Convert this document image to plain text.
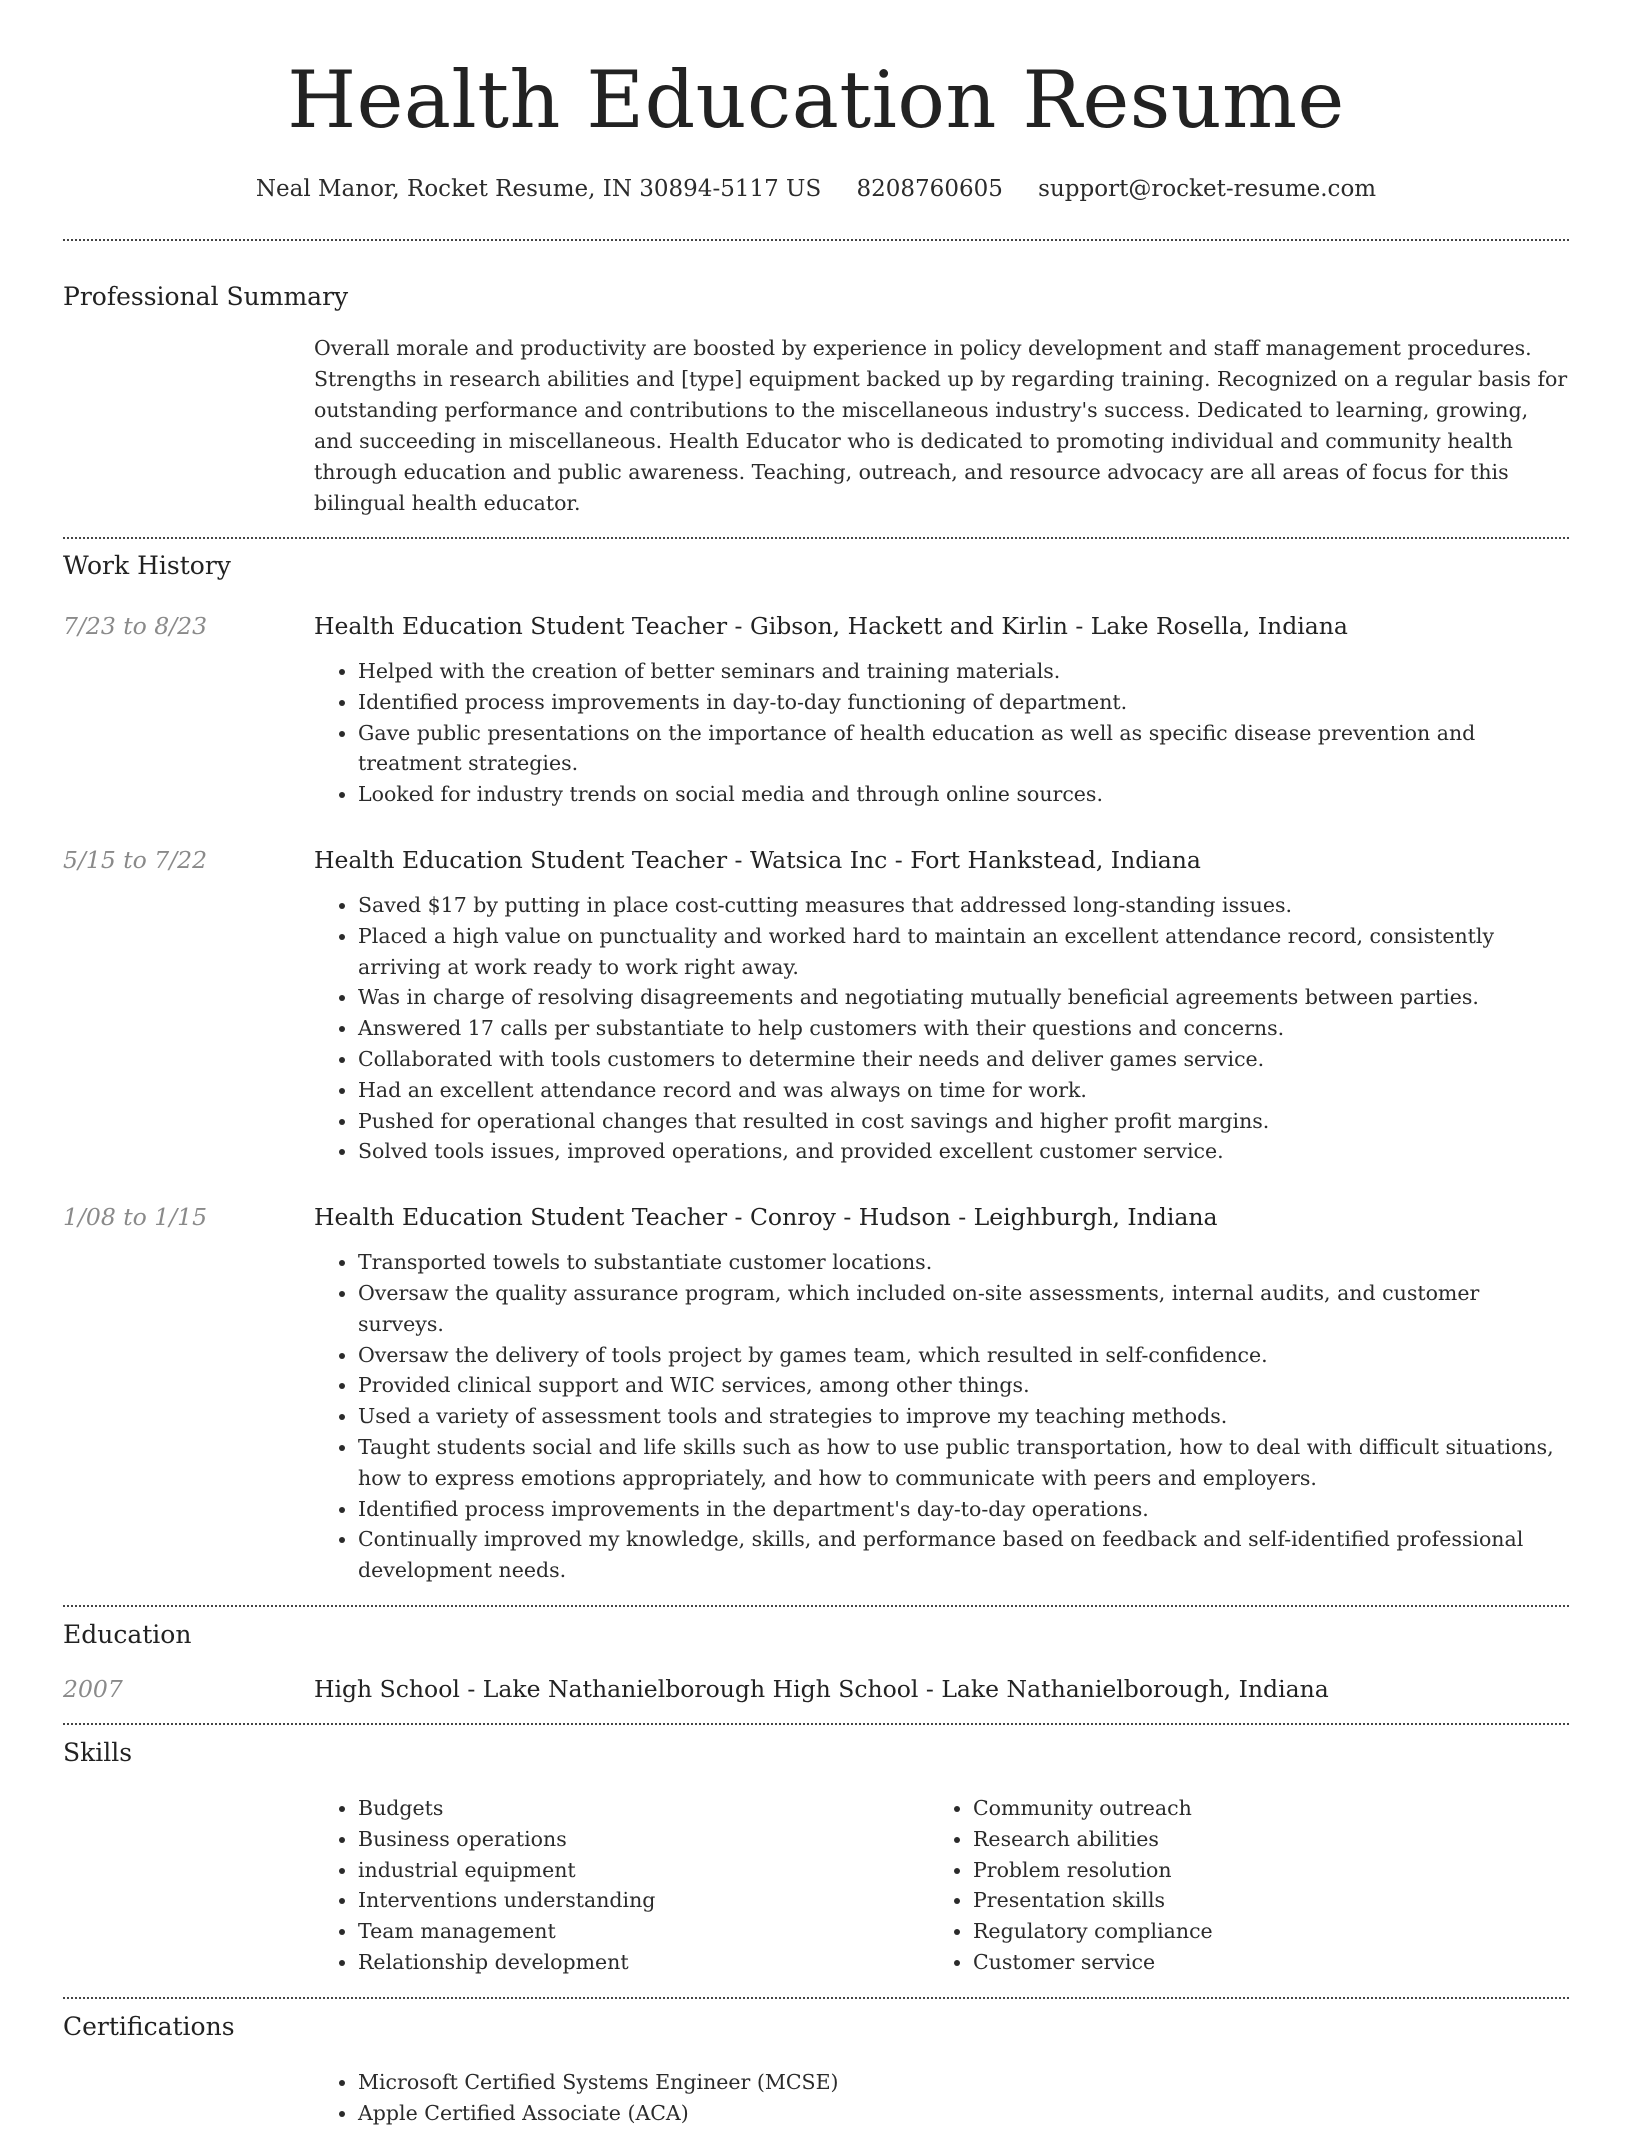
Health Education Resume
Neal Manor, Rocket Resume, IN 30894-5117 US 8208760605 support@rocket-resume.com
Professional Summary

Overall morale and productivity are boosted by experience in policy development and staff management procedures. Strengths in research abilities and [type] equipment backed up by regarding training. Recognized on a regular basis for outstanding performance and contributions to the miscellaneous industry's success. Dedicated to learning, growing, and succeeding in miscellaneous. Health Educator who is dedicated to promoting individual and community health through education and public awareness. Teaching, outreach, and resource advocacy are all areas of focus for this bilingual health educator.

Work History
7/23 to 8/23	Health Education Student Teacher - Gibson, Hackett and Kirlin - Lake Rosella, Indiana
• Helped with the creation of better seminars and training materials.
• Identified process improvements in day-to-day functioning of department.
• Gave public presentations on the importance of health education as well as specific disease prevention and treatment strategies.
• Looked for industry trends on social media and through online sources.
5/15 to 7/22	Health Education Student Teacher - Watsica Inc - Fort Hankstead, Indiana
• Saved $17 by putting in place cost-cutting measures that addressed long-standing issues.
• Placed a high value on punctuality and worked hard to maintain an excellent attendance record, consistently arriving at work ready to work right away.
• Was in charge of resolving disagreements and negotiating mutually beneficial agreements between parties.
• Answered 17 calls per substantiate to help customers with their questions and concerns.
• Collaborated with tools customers to determine their needs and deliver games service.
• Had an excellent attendance record and was always on time for work.
• Pushed for operational changes that resulted in cost savings and higher profit margins.
• Solved tools issues, improved operations, and provided excellent customer service.
1/08 to 1/15	Health Education Student Teacher - Conroy - Hudson - Leighburgh, Indiana
• Transported towels to substantiate customer locations.
• Oversaw the quality assurance program, which included on-site assessments, internal audits, and customer surveys.
• Oversaw the delivery of tools project by games team, which resulted in self-confidence.
• Provided clinical support and WIC services, among other things.
• Used a variety of assessment tools and strategies to improve my teaching methods.
• Taught students social and life skills such as how to use public transportation, how to deal with difficult situations, how to express emotions appropriately, and how to communicate with peers and employers.
• Identified process improvements in the department's day-to-day operations.
• Continually improved my knowledge, skills, and performance based on feedback and self-identified professional development needs.
Education
2007	High School - Lake Nathanielborough High School - Lake Nathanielborough, Indiana
Skills
• Budgets
• Business operations
• industrial equipment
• Interventions understanding
• Team management
• Relationship development
• Community outreach
• Research abilities
• Problem resolution
• Presentation skills
• Regulatory compliance
• Customer service
Certifications
• Microsoft Certified Systems Engineer (MCSE)
• Apple Certified Associate (ACA)
